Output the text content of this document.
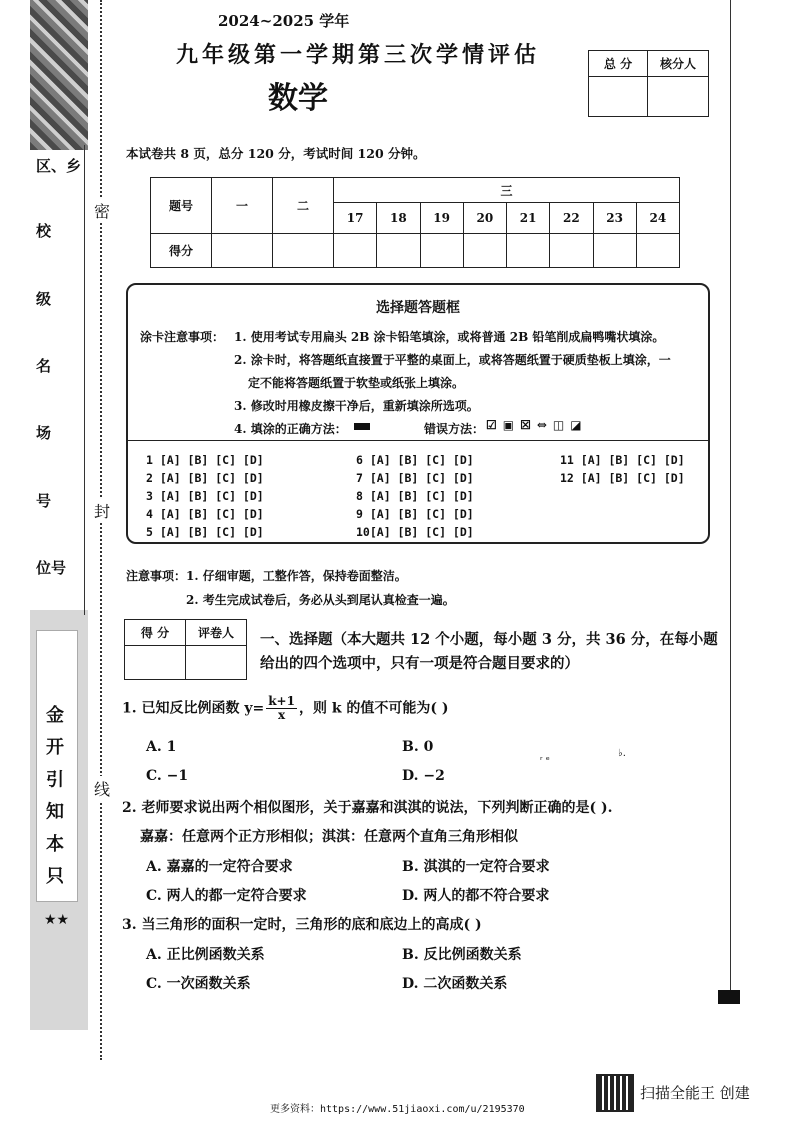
区、乡
校
级
名
场
号
位号
密
封
线
金 开 引 知 本 只
★★
2024~2025 学年
九年级第一学期第三次学情评估
数学
总 分	核分人

本试卷共 8 页，总分 120 分，考试时间 120 分钟。
题号	一	二	三							
			17	18	19	20	21	22	23	24
得分										
选择题答题框
涂卡注意事项： 1. 使用考试专用扁头 2B 涂卡铅笔填涂，或将普通 2B 铅笔削成扁鸭嘴状填涂。
2. 涂卡时，将答题纸直接置于平整的桌面上，或将答题纸置于硬质垫板上填涂，一
定不能将答题纸置于软垫或纸张上填涂。
3. 修改时用橡皮擦干净后，重新填涂所选项。
4. 填涂的正确方法：	错误方法： ☑▣☒⇔◫◪
1 [A] [B] [C] [D]
2 [A] [B] [C] [D]
3 [A] [B] [C] [D]
4 [A] [B] [C] [D]
5 [A] [B] [C] [D]
6 [A] [B] [C] [D]
7 [A] [B] [C] [D]
8 [A] [B] [C] [D]
9 [A] [B] [C] [D]
10[A] [B] [C] [D]
11 [A] [B] [C] [D]
12 [A] [B] [C] [D]
注意事项：1. 仔细审题，工整作答，保持卷面整洁。
2. 考生完成试卷后，务必从头到尾认真检查一遍。
得 分	评卷人
	一、选择题（本大题共 12 个小题，每小题 3 分，共 36 分，在每小题给出的四个选项中，只有一项是符合题目要求的）
1. 已知反比例函数 $y= \frac{k+1}{x}$ ，则 k 的值不可能为( )
A. 1	B. 0
C. −1	D. −2
ᵣ ₑ	♭.
2. 老师要求说出两个相似图形，关于嘉嘉和淇淇的说法，下列判断正确的是( ).
嘉嘉：任意两个正方形相似；淇淇：任意两个直角三角形相似
A. 嘉嘉的一定符合要求	B. 淇淇的一定符合要求
C. 两人的都一定符合要求	D. 两人的都不符合要求
3. 当三角形的面积一定时，三角形的底和底边上的高成( )
A. 正比例函数关系	B. 反比例函数关系
C. 一次函数关系	D. 二次函数关系
扫描全能王 创建
更多资料：https://www.51jiaoxi.com/u/2195370
